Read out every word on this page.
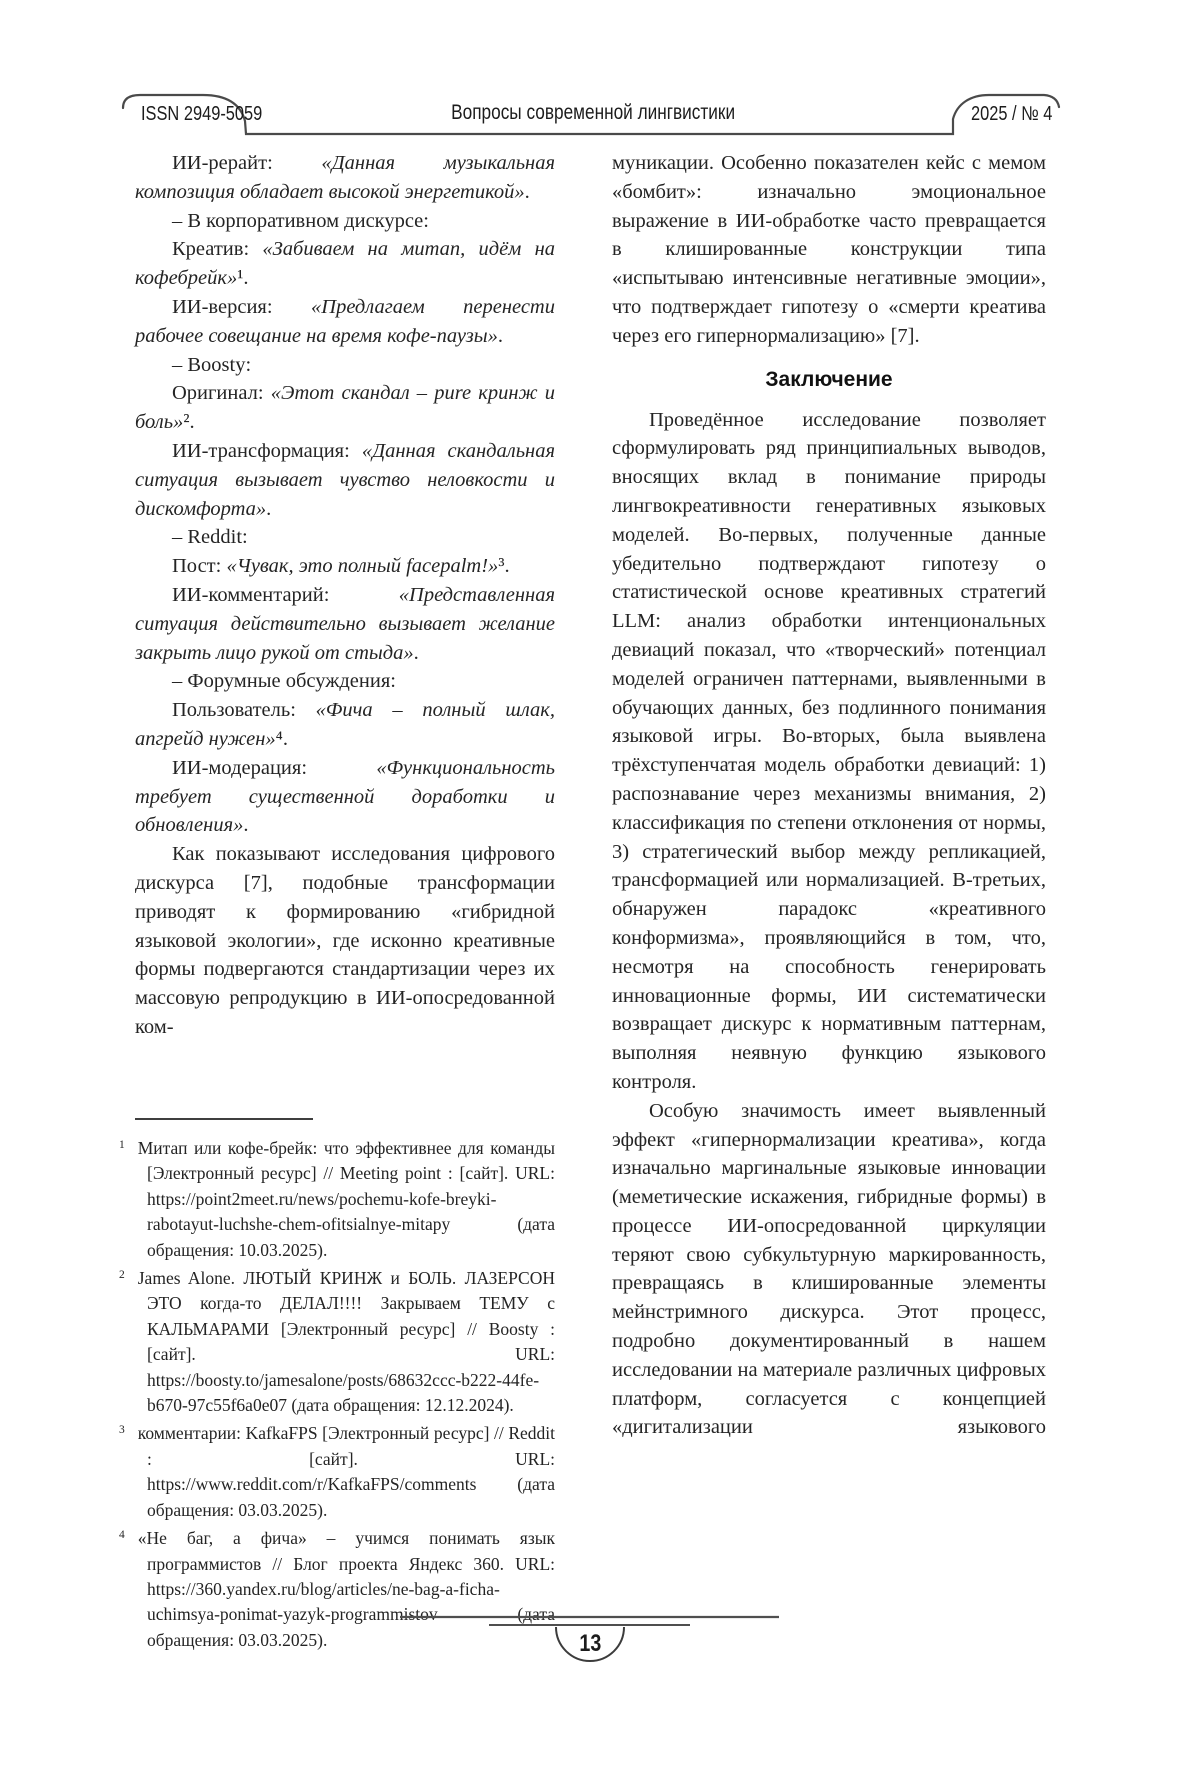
ISSN 2949-5059	Вопросы современной лингвистики	2025 / № 4

ИИ-рерайт: «Данная музыкальная композиция обладает высокой энергетикой».

– В корпоративном дискурсе:

Креатив: «Забиваем на митап, идём на кофебрейк»¹.

ИИ-версия: «Предлагаем перенести рабочее совещание на время кофе-паузы».

– Boosty:

Оригинал: «Этот скандал – pure кринж и боль»².

ИИ-трансформация: «Данная скандальная ситуация вызывает чувство неловкости и дискомфорта».

– Reddit:

Пост: «Чувак, это полный facepalm!»³.

ИИ-комментарий: «Представленная ситуация действительно вызывает желание закрыть лицо рукой от стыда».

– Форумные обсуждения:

Пользователь: «Фича – полный шлак, апгрейд нужен»⁴.

ИИ-модерация: «Функциональность требует существенной доработки и обновления».

Как показывают исследования цифрового дискурса [7], подобные трансформации приводят к формированию «гибридной языковой экологии», где исконно креативные формы подвергаются стандартизации через их массовую репродукцию в ИИ-опосредованной ком-

муникации. Особенно показателен кейс с мемом «бомбит»: изначально эмоциональное выражение в ИИ-обработке часто превращается в клишированные конструкции типа «испытываю интенсивные негативные эмоции», что подтверждает гипотезу о «смерти креатива через его гипернормализацию» [7].

Заключение

Проведённое исследование позволяет сформулировать ряд принципиальных выводов, вносящих вклад в понимание природы лингвокреативности генеративных языковых моделей. Во-первых, полученные данные убедительно подтверждают гипотезу о статистической основе креативных стратегий LLM: анализ обработки интенциональных девиаций показал, что «творческий» потенциал моделей ограничен паттернами, выявленными в обучающих данных, без подлинного понимания языковой игры. Во-вторых, была выявлена трёхступенчатая модель обработки девиаций: 1) распознавание через механизмы внимания, 2) классификация по степени отклонения от нормы, 3) стратегический выбор между репликацией, трансформацией или нормализацией. В-третьих, обнаружен парадокс «креативного конформизма», проявляющийся в том, что, несмотря на способность генерировать инновационные формы, ИИ систематически возвращает дискурс к нормативным паттернам, выполняя неявную функцию языкового контроля.

Особую значимость имеет выявленный эффект «гипернормализации креатива», когда изначально маргинальные языковые инновации (меметические искажения, гибридные формы) в процессе ИИ-опосредованной циркуляции теряют свою субкультурную маркированность, превращаясь в клишированные элементы мейнстримного дискурса. Этот процесс, подробно документированный в нашем исследовании на материале различных цифровых платформ, согласуется с концепцией «дигитализации языкового

$^1$ Митап или кофе-брейк: что эффективнее для команды [Электронный ресурс] // Meeting point : [сайт]. URL: https://point2meet.ru/news/pochemu-kofe-breyki-rabotayut-luchshe-chem-ofitsialnye-mitapy (дата обращения: 10.03.2025).

$^2$ James Alone. ЛЮТЫЙ КРИНЖ и БОЛЬ. ЛАЗЕРСОН ЭТО когда-то ДЕЛАЛ!!!! Закрываем ТЕМУ с КАЛЬМАРАМИ [Электронный ресурс] // Boosty : [сайт]. URL: https://boosty.to/jamesalone/posts/68632ccc-b222-44fe-b670-97c55f6a0e07 (дата обращения: 12.12.2024).

$^3$ комментарии: KafkaFPS [Электронный ресурс] // Reddit : [сайт]. URL: https://www.reddit.com/r/KafkaFPS/comments (дата обращения: 03.03.2025).

$^4$ «Не баг, а фича» – учимся понимать язык программистов // Блог проекта Яндекс 360. URL: https://360.yandex.ru/blog/articles/ne-bag-a-ficha-uchimsya-ponimat-yazyk-programmistov (дата обращения: 03.03.2025).	13
